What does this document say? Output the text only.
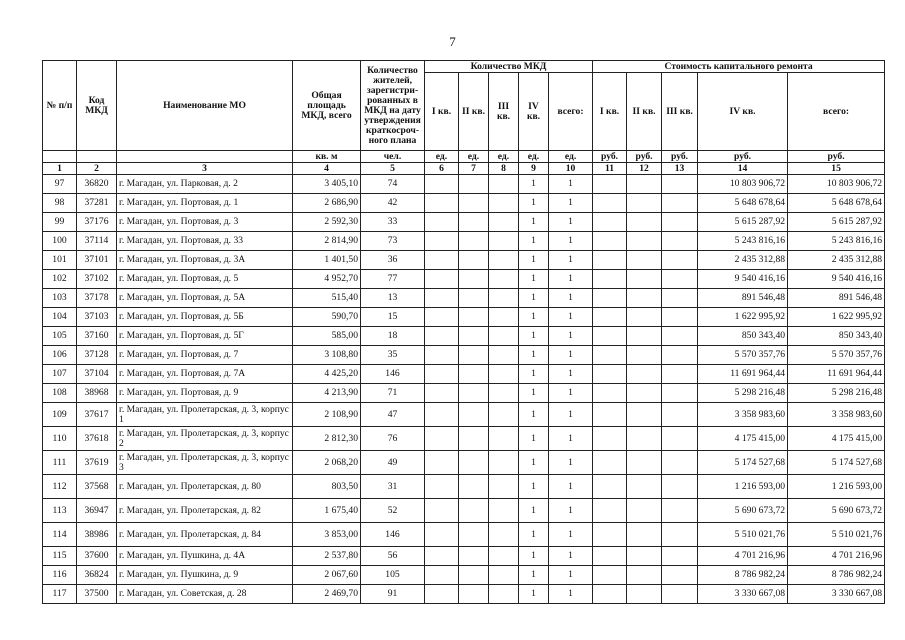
7
№ п/п	Код МКД	Наименование МО	Общая площадь МКД, всего	Количество жителей, зарегистри-рованных в МКД на дату утверждения краткосроч-ного плана	Количество МКД					Стоимость капитального ремонта				
					I кв.	II кв.	III кв.	IV кв.	всего:	I кв.	II кв.	III кв.	IV кв.	всего:
			кв. м	чел.	ед.	ед.	ед.	ед.	ед.	руб.	руб.	руб.	руб.	руб.
1	2	3	4	5	6	7	8	9	10	11	12	13	14	15
97	36820	г. Магадан, ул. Парковая, д. 2	3 405,10	74				1	1				10 803 906,72	10 803 906,72
98	37281	г. Магадан, ул. Портовая, д. 1	2 686,90	42				1	1				5 648 678,64	5 648 678,64
99	37176	г. Магадан, ул. Портовая, д. 3	2 592,30	33				1	1				5 615 287,92	5 615 287,92
100	37114	г. Магадан, ул. Портовая, д. 33	2 814,90	73				1	1				5 243 816,16	5 243 816,16
101	37101	г. Магадан, ул. Портовая, д. 3А	1 401,50	36				1	1				2 435 312,88	2 435 312,88
102	37102	г. Магадан, ул. Портовая, д. 5	4 952,70	77				1	1				9 540 416,16	9 540 416,16
103	37178	г. Магадан, ул. Портовая, д. 5А	515,40	13				1	1				891 546,48	891 546,48
104	37103	г. Магадан, ул. Портовая, д. 5Б	590,70	15				1	1				1 622 995,92	1 622 995,92
105	37160	г. Магадан, ул. Портовая, д. 5Г	585,00	18				1	1				850 343,40	850 343,40
106	37128	г. Магадан, ул. Портовая, д. 7	3 108,80	35				1	1				5 570 357,76	5 570 357,76
107	37104	г. Магадан, ул. Портовая, д. 7А	4 425,20	146				1	1				11 691 964,44	11 691 964,44
108	38968	г. Магадан, ул. Портовая, д. 9	4 213,90	71				1	1				5 298 216,48	5 298 216,48
109	37617	г. Магадан, ул. Пролетарская, д. 3, корпус 1	2 108,90	47				1	1				3 358 983,60	3 358 983,60
110	37618	г. Магадан, ул. Пролетарская, д. 3, корпус 2	2 812,30	76				1	1				4 175 415,00	4 175 415,00
111	37619	г. Магадан, ул. Пролетарская, д. 3, корпус 3	2 068,20	49				1	1				5 174 527,68	5 174 527,68
112	37568	г. Магадан, ул. Пролетарская, д. 80	803,50	31				1	1				1 216 593,00	1 216 593,00
113	36947	г. Магадан, ул. Пролетарская, д. 82	1 675,40	52				1	1				5 690 673,72	5 690 673,72
114	38986	г. Магадан, ул. Пролетарская, д. 84	3 853,00	146				1	1				5 510 021,76	5 510 021,76
115	37600	г. Магадан, ул. Пушкина, д. 4А	2 537,80	56				1	1				4 701 216,96	4 701 216,96
116	36824	г. Магадан, ул. Пушкина, д. 9	2 067,60	105				1	1				8 786 982,24	8 786 982,24
117	37500	г. Магадан, ул. Советская, д. 28	2 469,70	91				1	1				3 330 667,08	3 330 667,08
